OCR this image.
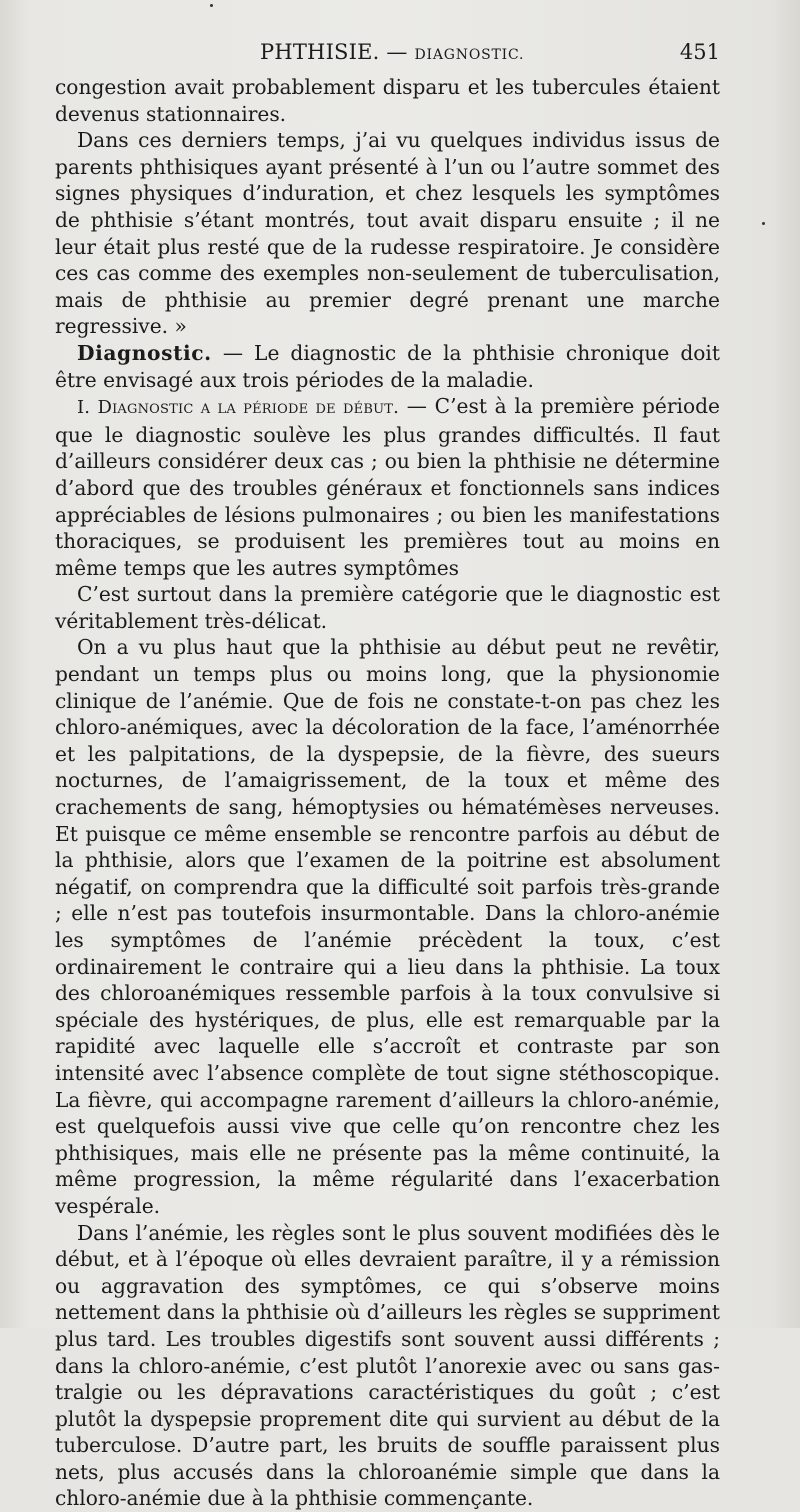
PHTHISIE. — DIAGNOSTIC.	451

congestion avait probablement disparu et les tubercules étaient devenus stationnaires.

Dans ces derniers temps, j’ai vu quelques individus issus de parents phthisiques ayant présenté à l’un ou l’autre sommet des signes physiques d’induration, et chez lesquels les symptômes de phthisie s’étant montrés, tout avait disparu ensuite ; il ne leur était plus resté que de la rudesse respiratoire. Je considère ces cas comme des exemples non-seulement de tuberculisation, mais de phthisie au premier degré prenant une marche regressive. »

Diagnostic. — Le diagnostic de la phthisie chronique doit être envisagé aux trois périodes de la maladie.

I. Diagnostic a la période de début. — C’est à la première période que le diagnostic soulève les plus grandes difficultés. Il faut d’ailleurs considérer deux cas ; ou bien la phthisie ne détermine d’abord que des troubles généraux et fonctionnels sans indices appréciables de lésions pulmonaires ; ou bien les manifestations thoraciques, se produisent les premières tout au moins en même temps que les autres symptômes

C’est surtout dans la première catégorie que le diagnostic est véritablement très-délicat.

On a vu plus haut que la phthisie au début peut ne revêtir, pendant un temps plus ou moins long, que la physionomie clinique de l’anémie. Que de fois ne constate-t-on pas chez les chloro-anémiques, avec la décoloration de la face, l’aménorrhée et les palpitations, de la dyspepsie, de la fièvre, des sueurs nocturnes, de l’amaigrissement, de la toux et même des crachements de sang, hémoptysies ou hématémèses nerveuses. Et puisque ce même ensemble se rencontre parfois au début de la phthisie, alors que l’examen de la poitrine est absolument négatif, on comprendra que la difficulté soit parfois très-grande ; elle n’est pas toutefois insurmontable. Dans la chloro-anémie les symptômes de l’anémie précèdent la toux, c’est ordinairement le contraire qui a lieu dans la phthisie. La toux des chloroanémiques ressemble parfois à la toux convulsive si spéciale des hystériques, de plus, elle est remarquable par la rapidité avec laquelle elle s’accroît et contraste par son intensité avec l’absence complète de tout signe stéthoscopique. La fièvre, qui accompagne rarement d’ailleurs la chloro-anémie, est quelquefois aussi vive que celle qu’on rencontre chez les phthisiques, mais elle ne présente pas la même continuité, la même progression, la même régularité dans l’exacerbation vespérale.

Dans l’anémie, les règles sont le plus souvent modifiées dès le début, et à l’époque où elles devraient paraître, il y a rémission ou aggravation des symptômes, ce qui s’observe moins nettement dans la phthisie où d’ailleurs les règles se suppriment plus tard. Les troubles digestifs sont souvent aussi différents ; dans la chloro-anémie, c’est plutôt l’anorexie avec ou sans gastralgie ou les dépravations caractéristiques du goût ; c’est plutôt la dyspepsie proprement dite qui survient au début de la tuberculose. D’autre part, les bruits de souffle paraissent plus nets, plus accusés dans la chloroanémie simple que dans la chloro-anémie due à la phthisie commençante.
